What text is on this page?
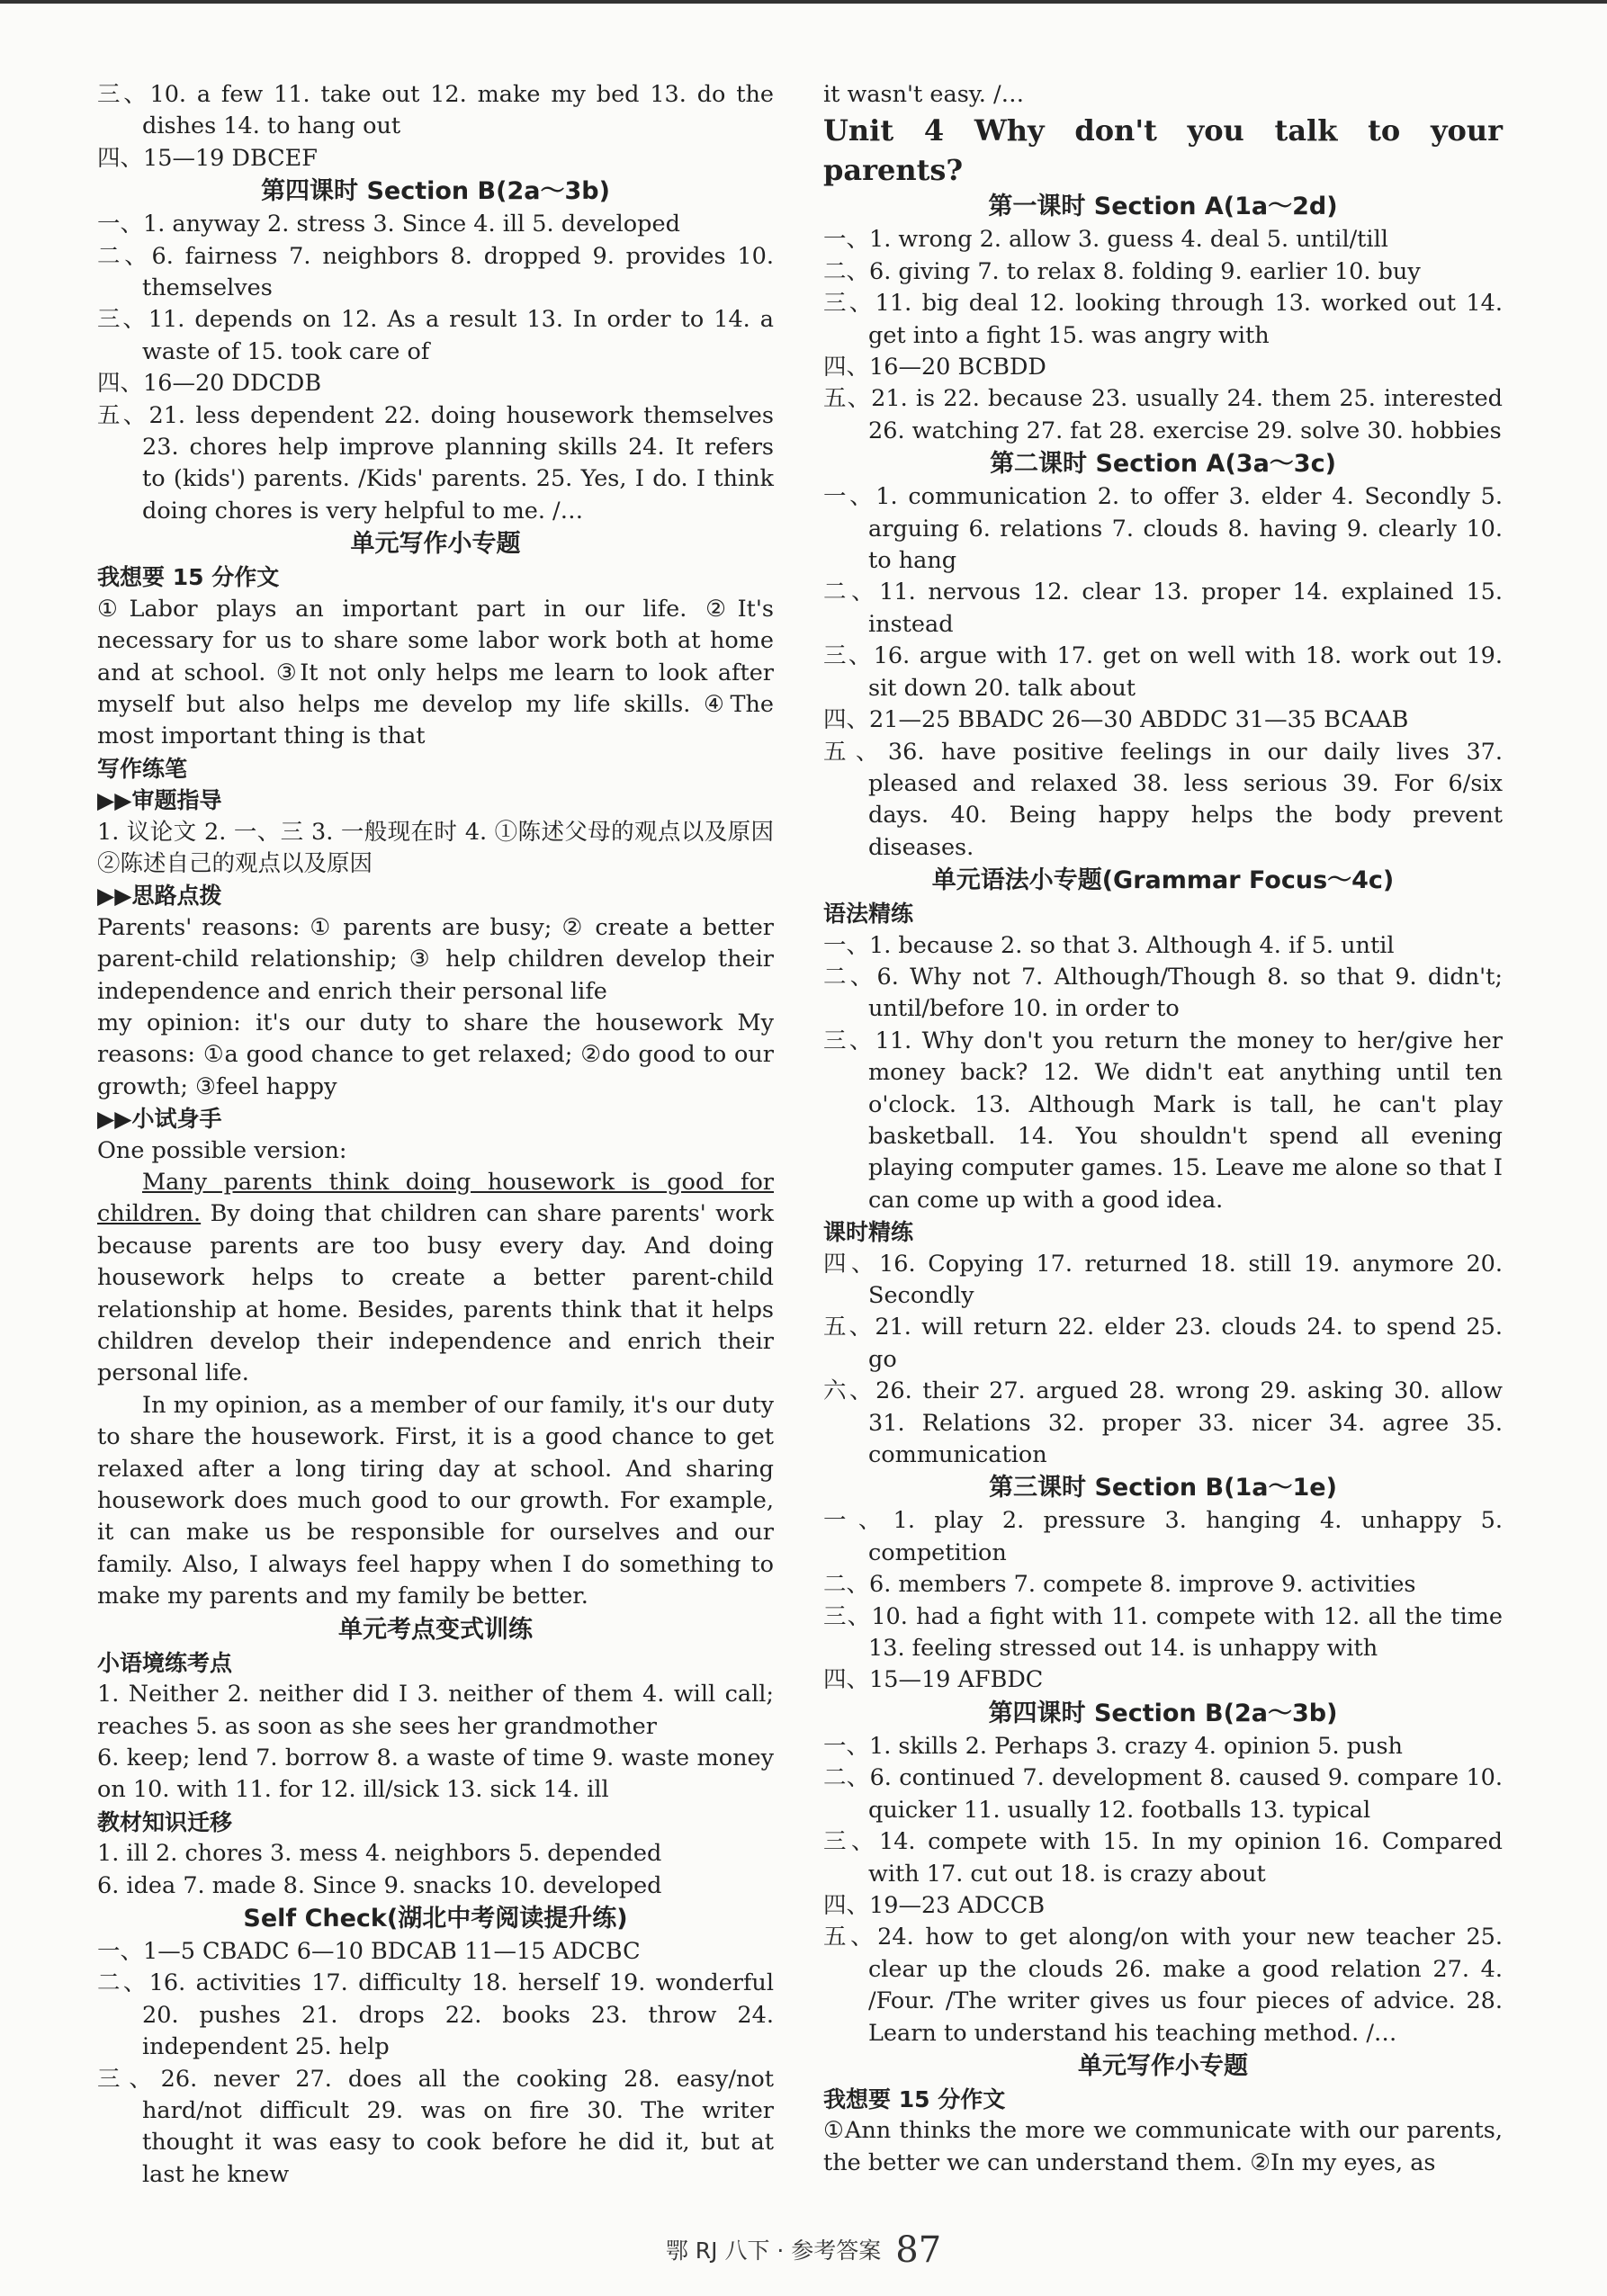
三、10. a few 11. take out 12. make my bed 13. do the dishes 14. to hang out

四、15—19 DBCEF

第四课时 Section B(2a～3b)

一、1. anyway 2. stress 3. Since 4. ill 5. developed

二、6. fairness 7. neighbors 8. dropped 9. provides 10. themselves

三、11. depends on 12. As a result 13. In order to 14. a waste of 15. took care of

四、16—20 DDCDB

五、21. less dependent 22. doing housework themselves 23. chores help improve planning skills 24. It refers to (kids') parents. /Kids' parents. 25. Yes, I do. I think doing chores is very helpful to me. /…

单元写作小专题

我想要 15 分作文

①Labor plays an important part in our life. ②It's necessary for us to share some labor work both at home and at school. ③It not only helps me learn to look after myself but also helps me develop my life skills. ④The most important thing is that

写作练笔

▶▶审题指导

1. 议论文 2. 一、三 3. 一般现在时 4. ①陈述父母的观点以及原因 ②陈述自己的观点以及原因

▶▶思路点拨

Parents' reasons: ① parents are busy; ② create a better parent-child relationship; ③ help children develop their independence and enrich their personal life

my opinion: it's our duty to share the housework My reasons: ①a good chance to get relaxed; ②do good to our growth; ③feel happy

▶▶小试身手

One possible version:

Many parents think doing housework is good for children. By doing that children can share parents' work because parents are too busy every day. And doing housework helps to create a better parent-child relationship at home. Besides, parents think that it helps children develop their independence and enrich their personal life.

In my opinion, as a member of our family, it's our duty to share the housework. First, it is a good chance to get relaxed after a long tiring day at school. And sharing housework does much good to our growth. For example, it can make us be responsible for ourselves and our family. Also, I always feel happy when I do something to make my parents and my family be better.

单元考点变式训练

小语境练考点

1. Neither 2. neither did I 3. neither of them 4. will call; reaches 5. as soon as she sees her grandmother

6. keep; lend 7. borrow 8. a waste of time 9. waste money on 10. with 11. for 12. ill/sick 13. sick 14. ill

教材知识迁移

1. ill 2. chores 3. mess 4. neighbors 5. depended

6. idea 7. made 8. Since 9. snacks 10. developed

Self Check(湖北中考阅读提升练)

一、1—5 CBADC 6—10 BDCAB 11—15 ADCBC

二、16. activities 17. difficulty 18. herself 19. wonderful 20. pushes 21. drops 22. books 23. throw 24. independent 25. help

三、26. never 27. does all the cooking 28. easy/not hard/not difficult 29. was on fire 30. The writer thought it was easy to cook before he did it, but at last he knew

it wasn't easy. /…

Unit 4 Why don't you talk to your parents?

第一课时 Section A(1a～2d)

一、1. wrong 2. allow 3. guess 4. deal 5. until/till

二、6. giving 7. to relax 8. folding 9. earlier 10. buy

三、11. big deal 12. looking through 13. worked out 14. get into a fight 15. was angry with

四、16—20 BCBDD

五、21. is 22. because 23. usually 24. them 25. interested 26. watching 27. fat 28. exercise 29. solve 30. hobbies

第二课时 Section A(3a～3c)

一、1. communication 2. to offer 3. elder 4. Secondly 5. arguing 6. relations 7. clouds 8. having 9. clearly 10. to hang

二、11. nervous 12. clear 13. proper 14. explained 15. instead

三、16. argue with 17. get on well with 18. work out 19. sit down 20. talk about

四、21—25 BBADC 26—30 ABDDC 31—35 BCAAB

五、36. have positive feelings in our daily lives 37. pleased and relaxed 38. less serious 39. For 6/six days. 40. Being happy helps the body prevent diseases.

单元语法小专题(Grammar Focus～4c)

语法精练

一、1. because 2. so that 3. Although 4. if 5. until

二、6. Why not 7. Although/Though 8. so that 9. didn't; until/before 10. in order to

三、11. Why don't you return the money to her/give her money back? 12. We didn't eat anything until ten o'clock. 13. Although Mark is tall, he can't play basketball. 14. You shouldn't spend all evening playing computer games. 15. Leave me alone so that I can come up with a good idea.

课时精练

四、16. Copying 17. returned 18. still 19. anymore 20. Secondly

五、21. will return 22. elder 23. clouds 24. to spend 25. go

六、26. their 27. argued 28. wrong 29. asking 30. allow 31. Relations 32. proper 33. nicer 34. agree 35. communication

第三课时 Section B(1a～1e)

一、1. play 2. pressure 3. hanging 4. unhappy 5. competition

二、6. members 7. compete 8. improve 9. activities

三、10. had a fight with 11. compete with 12. all the time 13. feeling stressed out 14. is unhappy with

四、15—19 AFBDC

第四课时 Section B(2a～3b)

一、1. skills 2. Perhaps 3. crazy 4. opinion 5. push

二、6. continued 7. development 8. caused 9. compare 10. quicker 11. usually 12. footballs 13. typical

三、14. compete with 15. In my opinion 16. Compared with 17. cut out 18. is crazy about

四、19—23 ADCCB

五、24. how to get along/on with your new teacher 25. clear up the clouds 26. make a good relation 27. 4. /Four. /The writer gives us four pieces of advice. 28. Learn to understand his teaching method. /…

单元写作小专题

我想要 15 分作文

①Ann thinks the more we communicate with our parents, the better we can understand them. ②In my eyes, as

鄂 RJ 八下 · 参考答案 87
